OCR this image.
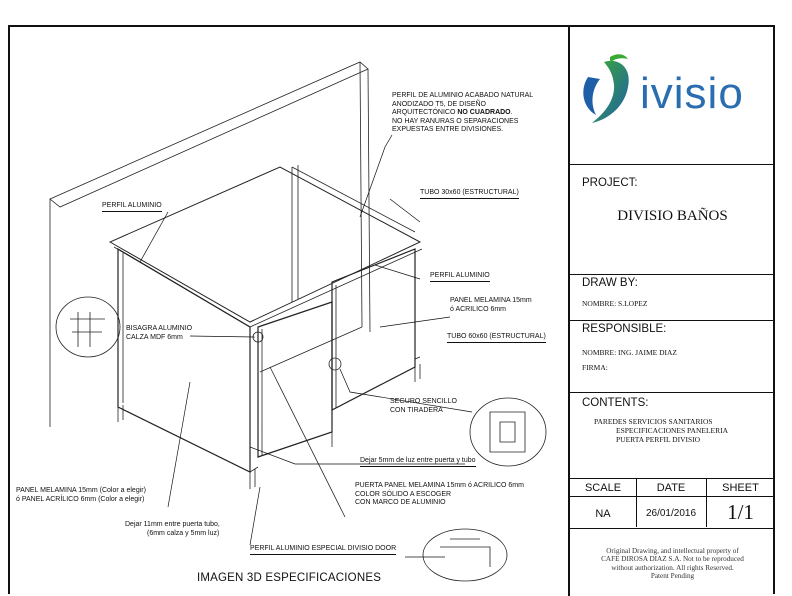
PERFIL DE ALUMINIO ACABADO NATURAL
ANODIZADO T5, DE DISEÑO
ARQUITECTÓNICO NO CUADRADO.
NO HAY RANURAS O SEPARACIONES
EXPUESTAS ENTRE DIVISIONES.
TUBO 30x60 (ESTRUCTURAL)
PERFIL ALUMINIO
PERFIL ALUMINIO
PANEL MELAMINA 15mm
ó ACRILICO 6mm
TUBO 60x60 (ESTRUCTURAL)
BISAGRA ALUMINIO
CALZA MDF 6mm
SEGURO SENCILLO
CON TIRADERA
Dejar 5mm de luz entre puerta y tubo
PANEL MELAMINA 15mm (Color a elegir)
ó PANEL ACRÍLICO 6mm (Color a elegir)
PUERTA PANEL MELAMINA 15mm ó ACRILICO 6mm
COLOR SÓLIDO A ESCOGER
CON MARCO DE ALUMINIO
Dejar 11mm entre puerta tubo,
(6mm calza y 5mm luz)
PERFIL ALUMINIO ESPECIAL DIVISIO DOOR
IMAGEN 3D ESPECIFICACIONES
ivisio
PROJECT:
DIVISIO BAÑOS
DRAW BY:
NOMBRE: S.LOPEZ
RESPONSIBLE:
NOMBRE: ING. JAIME DIAZ
FIRMA:
CONTENTS:
PAREDES SERVICIOS SANITARIOS
ESPECIFICACIONES PANELERIA
PUERTA PERFIL DIVISIO
SCALE	DATE	SHEET
NA	26/01/2016	1/1
Original Drawing, and intellectual property of
CAFE DIROSA DIAZ S.A. Not to be reproduced
without authorization. All rights Reserved.
Patent Pending
